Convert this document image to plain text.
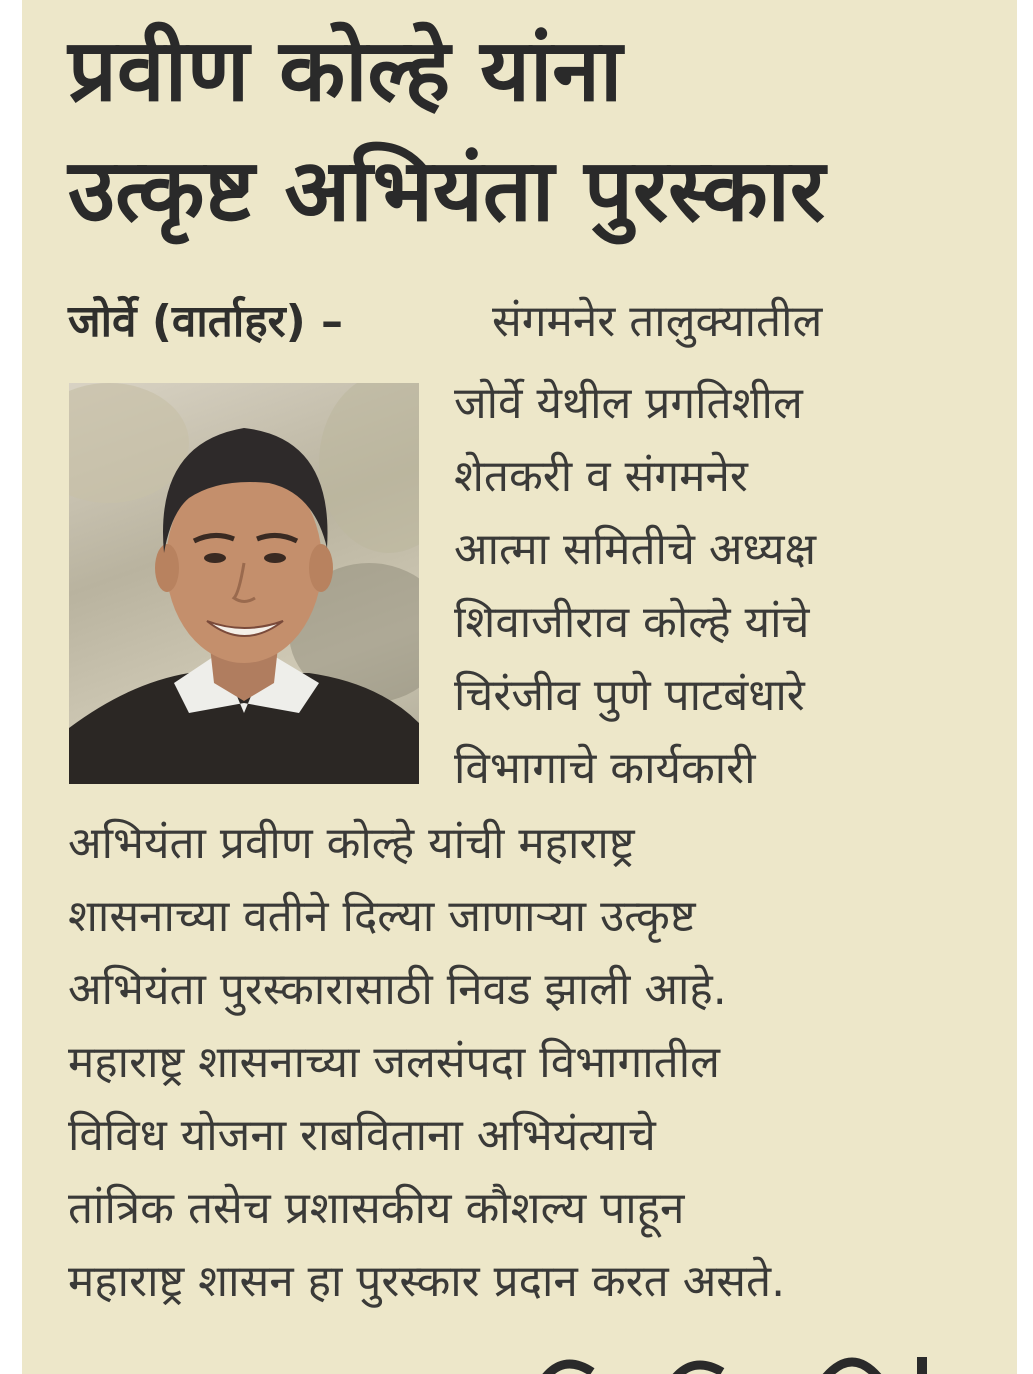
प्रवीण कोल्हे यांना
उत्कृष्ट अभियंता पुरस्कार

जोर्वे (वार्ताहर) –	संगमनेर तालुक्यातील

जोर्वे येथील प्रगतिशील

शेतकरी व संगमनेर

आत्मा समितीचे अध्यक्ष

शिवाजीराव कोल्हे यांचे

चिरंजीव पुणे पाटबंधारे

विभागाचे कार्यकारी

अभियंता प्रवीण कोल्हे यांची महाराष्ट्र

शासनाच्या वतीने दिल्या जाणाऱ्या उत्कृष्ट

अभियंता पुरस्कारासाठी निवड झाली आहे.

महाराष्ट्र शासनाच्या जलसंपदा विभागातील

विविध योजना राबविताना अभियंत्याचे

तांत्रिक तसेच प्रशासकीय कौशल्य पाहून

महाराष्ट्र शासन हा पुरस्कार प्रदान करत असते.
